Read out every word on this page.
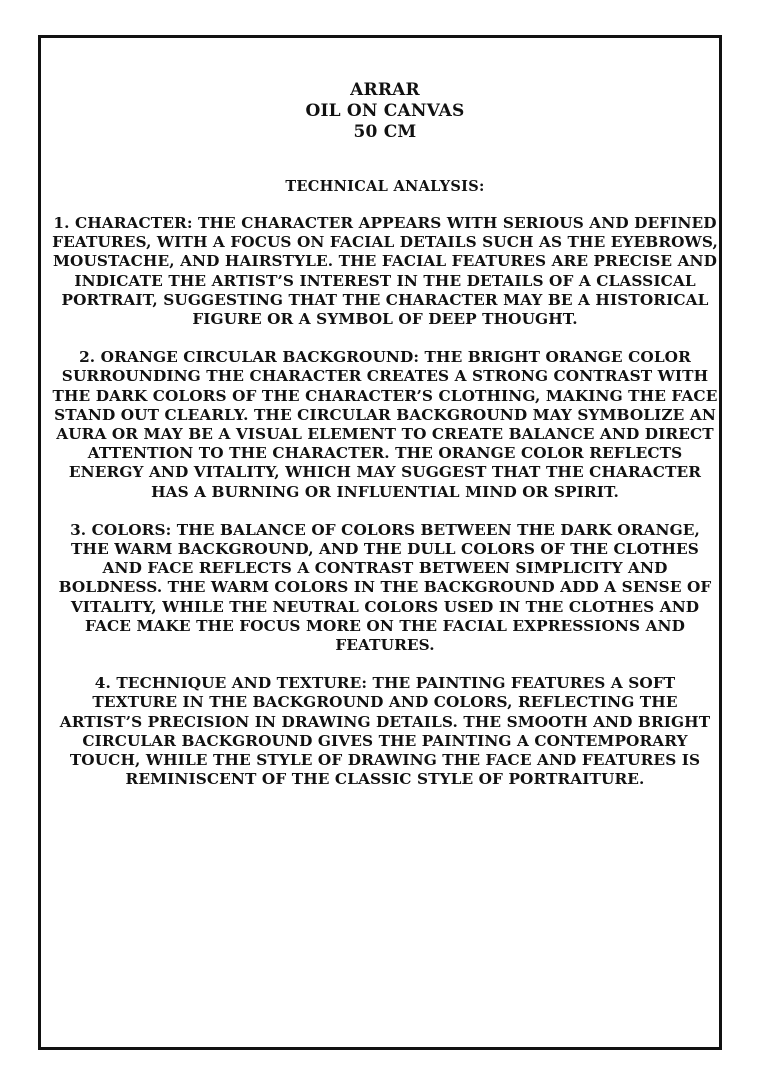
ARRAR
OIL ON CANVAS
50 CM
TECHNICAL ANALYSIS:

1. CHARACTER: THE CHARACTER APPEARS WITH SERIOUS AND DEFINED FEATURES, WITH A FOCUS ON FACIAL DETAILS SUCH AS THE EYEBROWS, MOUSTACHE, AND HAIRSTYLE. THE FACIAL FEATURES ARE PRECISE AND INDICATE THE ARTIST’S INTEREST IN THE DETAILS OF A CLASSICAL PORTRAIT, SUGGESTING THAT THE CHARACTER MAY BE A HISTORICAL FIGURE OR A SYMBOL OF DEEP THOUGHT.

2. ORANGE CIRCULAR BACKGROUND: THE BRIGHT ORANGE COLOR SURROUNDING THE CHARACTER CREATES A STRONG CONTRAST WITH THE DARK COLORS OF THE CHARACTER’S CLOTHING, MAKING THE FACE STAND OUT CLEARLY. THE CIRCULAR BACKGROUND MAY SYMBOLIZE AN AURA OR MAY BE A VISUAL ELEMENT TO CREATE BALANCE AND DIRECT ATTENTION TO THE CHARACTER. THE ORANGE COLOR REFLECTS ENERGY AND VITALITY, WHICH MAY SUGGEST THAT THE CHARACTER HAS A BURNING OR INFLUENTIAL MIND OR SPIRIT.

3. COLORS: THE BALANCE OF COLORS BETWEEN THE DARK ORANGE, THE WARM BACKGROUND, AND THE DULL COLORS OF THE CLOTHES AND FACE REFLECTS A CONTRAST BETWEEN SIMPLICITY AND BOLDNESS. THE WARM COLORS IN THE BACKGROUND ADD A SENSE OF VITALITY, WHILE THE NEUTRAL COLORS USED IN THE CLOTHES AND FACE MAKE THE FOCUS MORE ON THE FACIAL EXPRESSIONS AND FEATURES.

4. TECHNIQUE AND TEXTURE: THE PAINTING FEATURES A SOFT TEXTURE IN THE BACKGROUND AND COLORS, REFLECTING THE ARTIST’S PRECISION IN DRAWING DETAILS. THE SMOOTH AND BRIGHT CIRCULAR BACKGROUND GIVES THE PAINTING A CONTEMPORARY TOUCH, WHILE THE STYLE OF DRAWING THE FACE AND FEATURES IS REMINISCENT OF THE CLASSIC STYLE OF PORTRAITURE.
